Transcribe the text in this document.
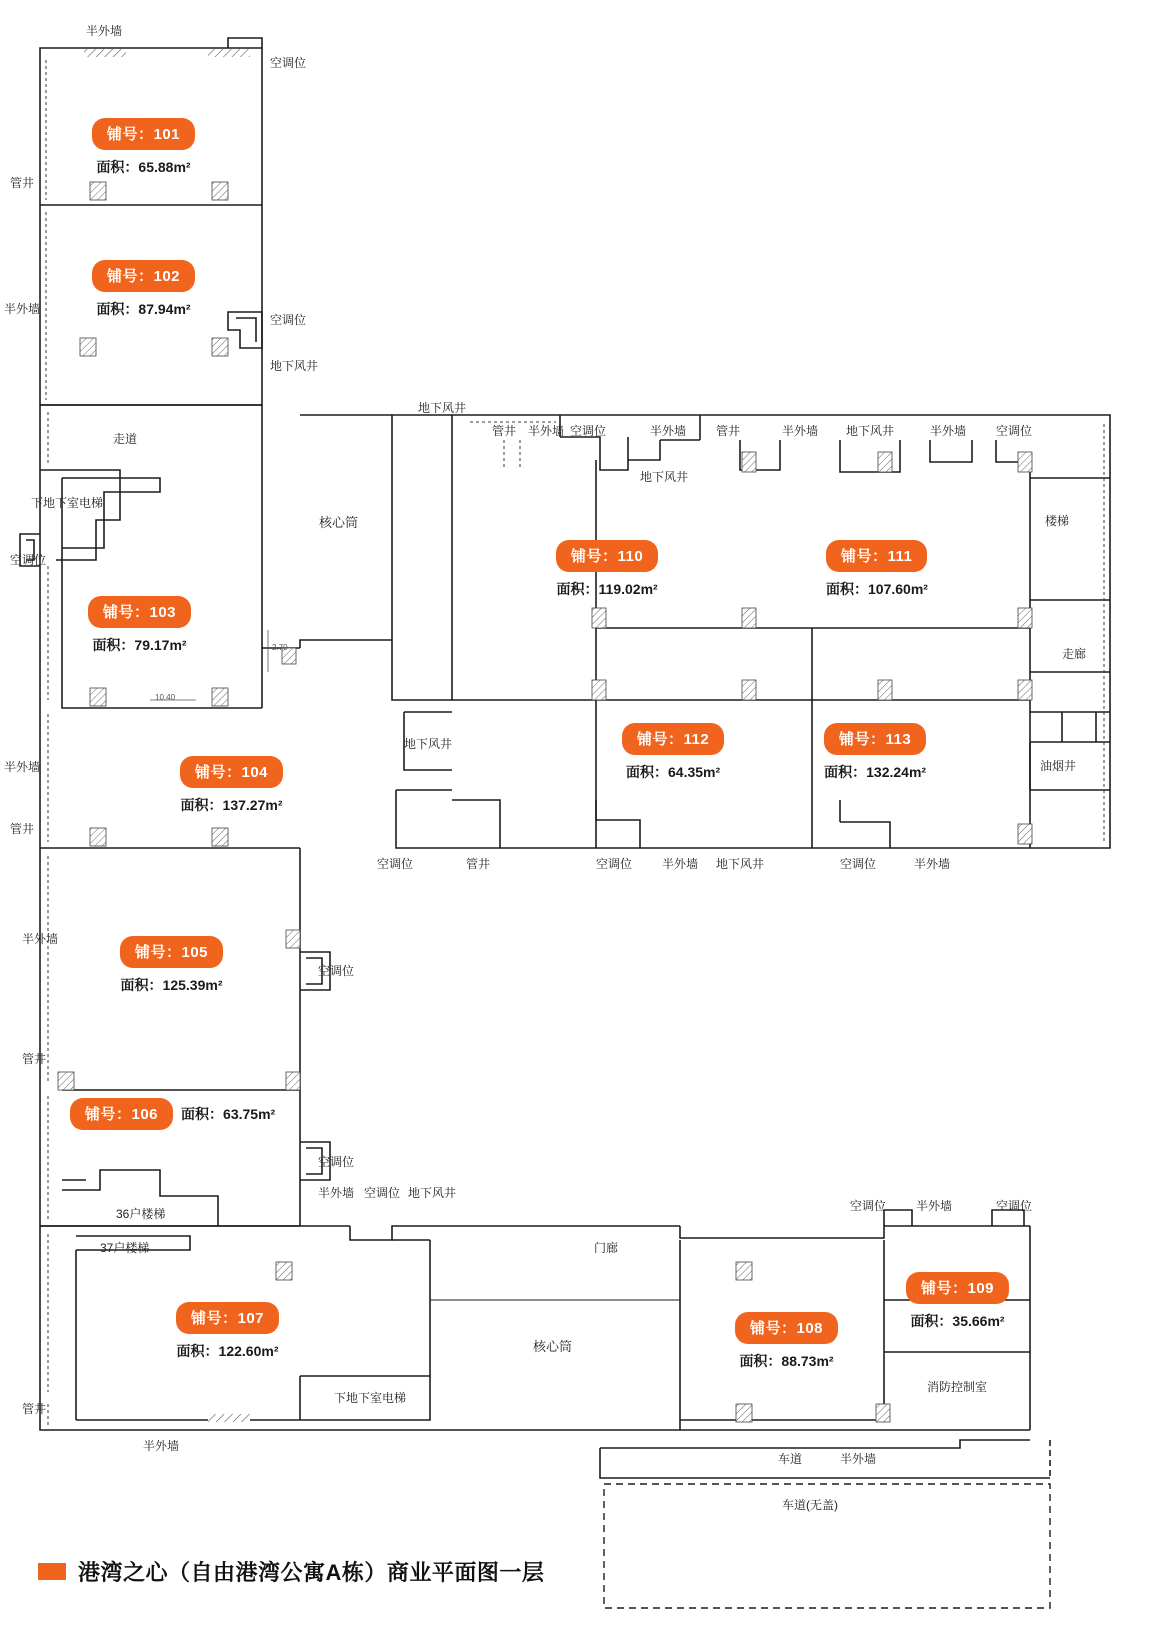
铺号：101
面积：65.88m²
铺号：102
面积：87.94m²
铺号：103
面积：79.17m²
铺号：104
面积：137.27m²
铺号：105
面积：125.39m²
铺号：106 面积：63.75m²
铺号：107
面积：122.60m²
铺号：108
面积：88.73m²
铺号：109
面积：35.66m²
铺号：110
面积：119.02m²
铺号：111
面积：107.60m²
铺号：112
面积：64.35m²
铺号：113
面积：132.24m²
半外墙
空调位
管井
半外墙
空调位
地下风井
地下风井
走道
管井 半外墙 空调位	半外墙 管井	半外墙 地下风井	半外墙 空调位
地下风井
下地下室电梯
核心筒	楼梯
空调位
走廊
2.70
10.40
地下风井
油烟井
半外墙
管井
空调位	管井	空调位 半外墙 地下风井	空调位	半外墙
半外墙
空调位
管井
空调位
半外墙 空调位 地下风井
36户楼梯
空调位 半外墙	空调位
37户楼梯	门廊
核心筒
消防控制室
下地下室电梯
管井
半外墙
车道	半外墙
车道(无盖)
港湾之心（自由港湾公寓A栋）商业平面图一层
